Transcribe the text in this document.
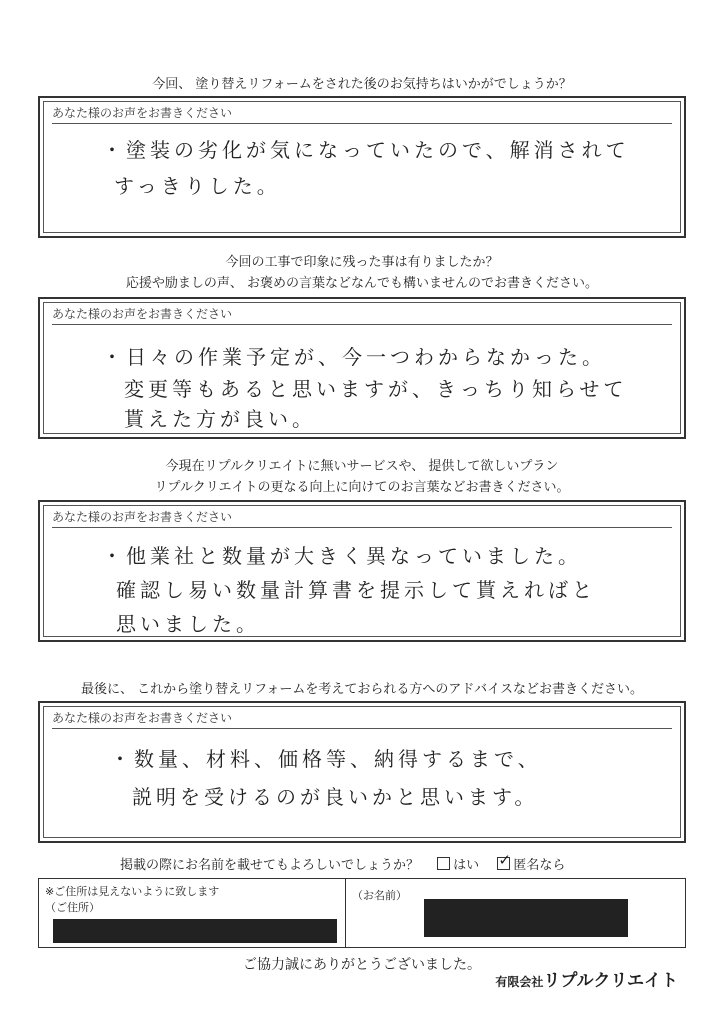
今回、 塗り替えリフォームをされた後のお気持ちはいかがでしょうか？
あなた様のお声をお書きください
・塗装の劣化が気になっていたので、解消されて
すっきりした。
今回の工事で印象に残った事は有りましたか？
応援や励ましの声、 お褒めの言葉などなんでも構いませんのでお書きください。
あなた様のお声をお書きください
・日々の作業予定が、今一つわからなかった。
変更等もあると思いますが、きっちり知らせて
貰えた方が良い。
今現在リプルクリエイトに無いサービスや、 提供して欲しいプラン
リプルクリエイトの更なる向上に向けてのお言葉などお書きください。
あなた様のお声をお書きください
・他業社と数量が大きく異なっていました。
確認し易い数量計算書を提示して貰えればと
思いました。
最後に、 これから塗り替えリフォームを考えておられる方へのアドバイスなどお書きください。
あなた様のお声をお書きください
・数量、材料、価格等、納得するまで、
説明を受けるのが良いかと思います。
掲載の際にお名前を載せてもよろしいでしょうか？	はい ✓	匿名なら
※ご住所は見えないように致します
（ご住所）
（お名前）
ご協力誠にありがとうございました。
有限会社リプルクリエイト
